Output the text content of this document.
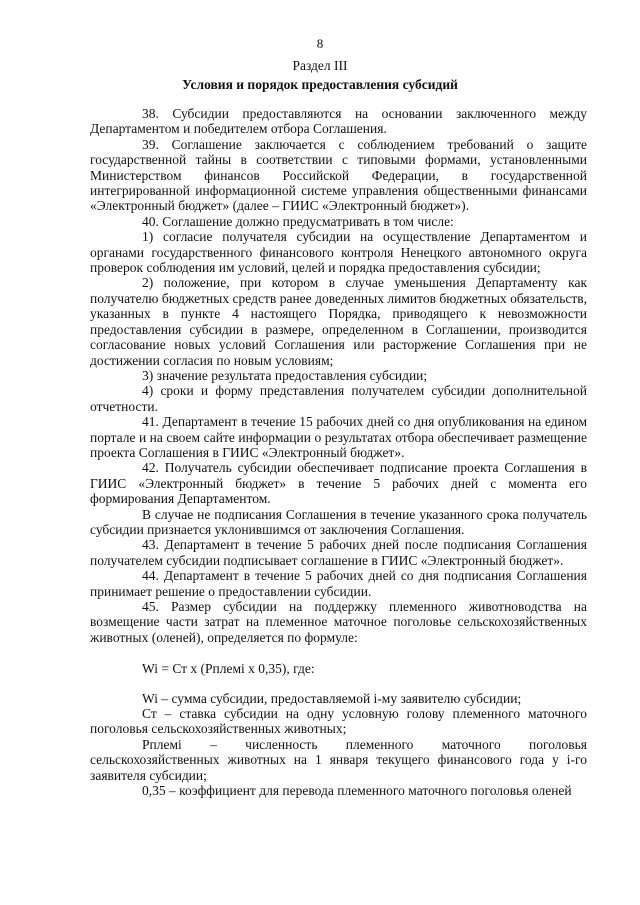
8
Раздел III
Условия и порядок предоставления субсидий

38. Субсидии предоставляются на основании заключенного между Департаментом и победителем отбора Соглашения.

39. Соглашение заключается с соблюдением требований о защите государственной тайны в соответствии с типовыми формами, установленными Министерством финансов Российской Федерации, в государственной интегрированной информационной системе управления общественными финансами «Электронный бюджет» (далее – ГИИС «Электронный бюджет»).

40. Соглашение должно предусматривать в том числе:

1) согласие получателя субсидии на осуществление Департаментом и органами государственного финансового контроля Ненецкого автономного округа проверок соблюдения им условий, целей и порядка предоставления субсидии;

2) положение, при котором в случае уменьшения Департаменту как получателю бюджетных средств ранее доведенных лимитов бюджетных обязательств, указанных в пункте 4 настоящего Порядка, приводящего к невозможности предоставления субсидии в размере, определенном в Соглашении, производится согласование новых условий Соглашения или расторжение Соглашения при не достижении согласия по новым условиям;

3) значение результата предоставления субсидии;

4) сроки и форму представления получателем субсидии дополнительной отчетности.

41. Департамент в течение 15 рабочих дней со дня опубликования на едином портале и на своем сайте информации о результатах отбора обеспечивает размещение проекта Соглашения в ГИИС «Электронный бюджет».

42. Получатель субсидии обеспечивает подписание проекта Соглашения в ГИИС «Электронный бюджет» в течение 5 рабочих дней с момента его формирования Департаментом.

В случае не подписания Соглашения в течение указанного срока получатель субсидии признается уклонившимся от заключения Соглашения.

43. Департамент в течение 5 рабочих дней после подписания Соглашения получателем субсидии подписывает соглашение в ГИИС «Электронный бюджет».

44. Департамент в течение 5 рабочих дней со дня подписания Соглашения принимает решение о предоставлении субсидии.

45. Размер субсидии на поддержку племенного животноводства на возмещение части затрат на племенное маточное поголовье сельскохозяйственных животных (оленей), определяется по формуле:

Wi = Ст x (Рплемі x 0,35), где:

Wi – сумма субсидии, предоставляемой i-му заявителю субсидии;

Ст – ставка субсидии на одну условную голову племенного маточного поголовья сельскохозяйственных животных;

Рплемі – численность племенного маточного поголовья сельскохозяйственных животных на 1 января текущего финансового года у i-го заявителя субсидии;

0,35 – коэффициент для перевода племенного маточного поголовья оленей
